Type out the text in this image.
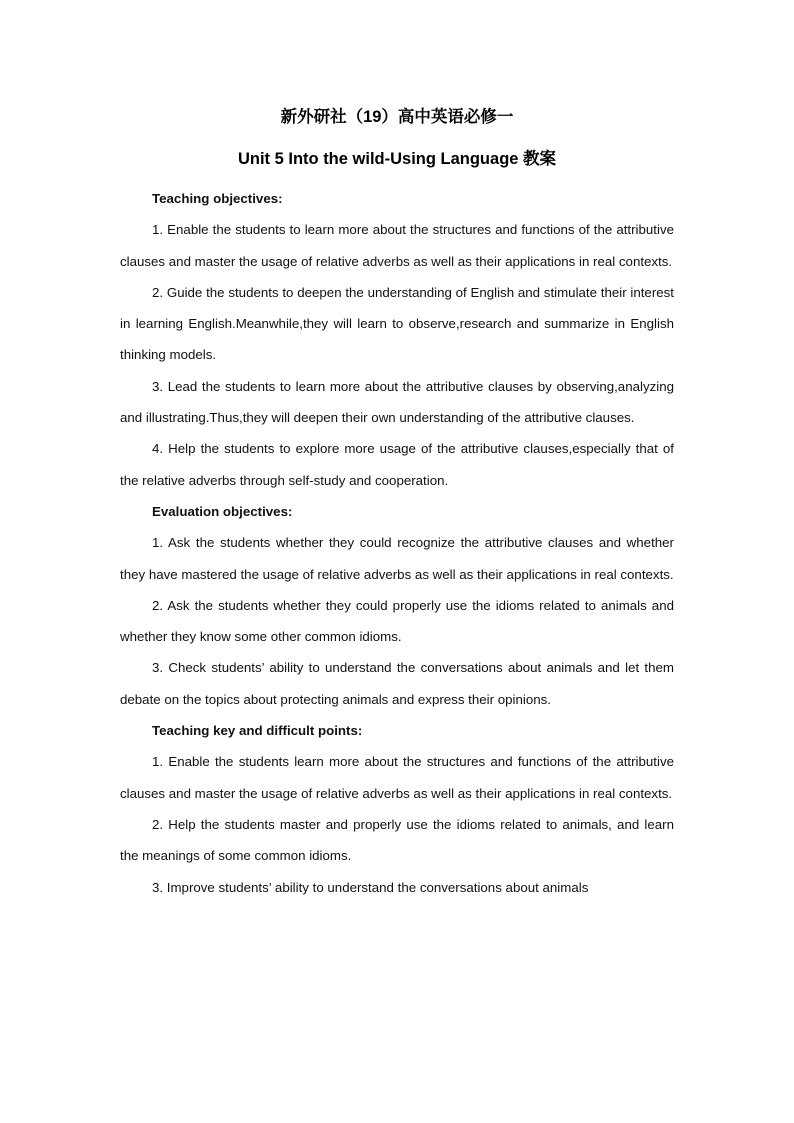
新外研社（19）高中英语必修一
Unit 5 Into the wild-Using Language 教案

Teaching objectives:

1. Enable the students to learn more about the structures and functions of the attributive clauses and master the usage of relative adverbs as well as their applications in real contexts.

2. Guide the students to deepen the understanding of English and stimulate their interest in learning English.Meanwhile,they will learn to observe,research and summarize in English thinking models.

3. Lead the students to learn more about the attributive clauses by observing,analyzing and illustrating.Thus,they will deepen their own understanding of the attributive clauses.

4. Help the students to explore more usage of the attributive clauses,especially that of the relative adverbs through self-study and cooperation.

Evaluation objectives:

1. Ask the students whether they could recognize the attributive clauses and whether they have mastered the usage of relative adverbs as well as their applications in real contexts.

2. Ask the students whether they could properly use the idioms related to animals and whether they know some other common idioms.

3. Check students’ ability to understand the conversations about animals and let them debate on the topics about protecting animals and express their opinions.

Teaching key and difficult points:

1. Enable the students learn more about the structures and functions of the attributive clauses and master the usage of relative adverbs as well as their applications in real contexts.

2. Help the students master and properly use the idioms related to animals, and learn the meanings of some common idioms.

3. Improve students’ ability to understand the conversations about animals
